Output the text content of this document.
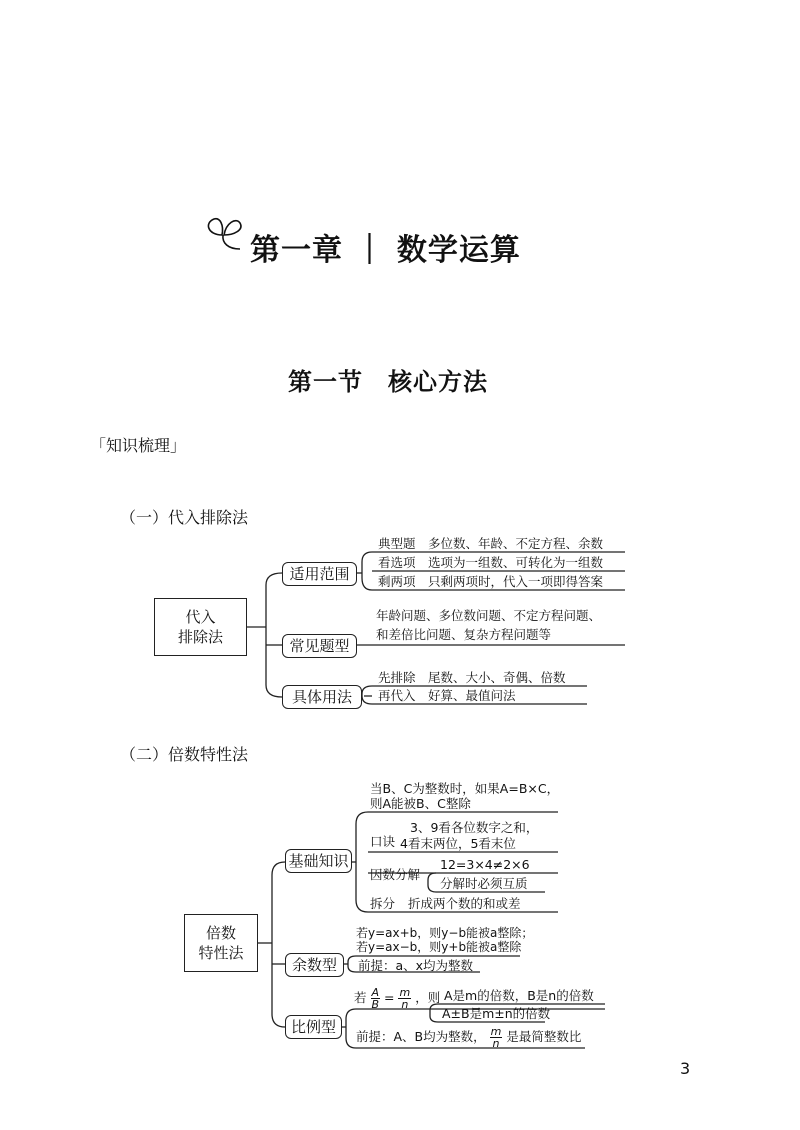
第一章 ｜ 数学运算
第一节　核心方法
「知识梳理」
（一）代入排除法
代入
排除法
适用范围
典型题　多位数、年龄、不定方程、余数
看选项　选项为一组数、可转化为一组数
剩两项　只剩两项时，代入一项即得答案
常见题型
年龄问题、多位数问题、不定方程问题、
和差倍比问题、复杂方程问题等
具体用法
先排除　尾数、大小、奇偶、倍数
再代入　好算、最值问法
（二）倍数特性法
倍数
特性法
基础知识
当B、C为整数时，如果A=B×C，
则A能被B、C整除
口诀
3、9看各位数字之和，
4看末两位，5看末位
因数分解
12=3×4≠2×6
分解时必须互质
拆分 折成两个数的和或差
余数型
若y=ax+b，则y−b能被a整除；
若y=ax−b，则y+b能被a整除
前提：a、x均为整数
比例型
若 $\frac{A}{B} = \frac{m}{n}$ ，则 A是m的倍数，B是n的倍数
A±B是m±n的倍数
前提：A、B均为整数， $\frac{m}{n}$ 是最简整数比
3
